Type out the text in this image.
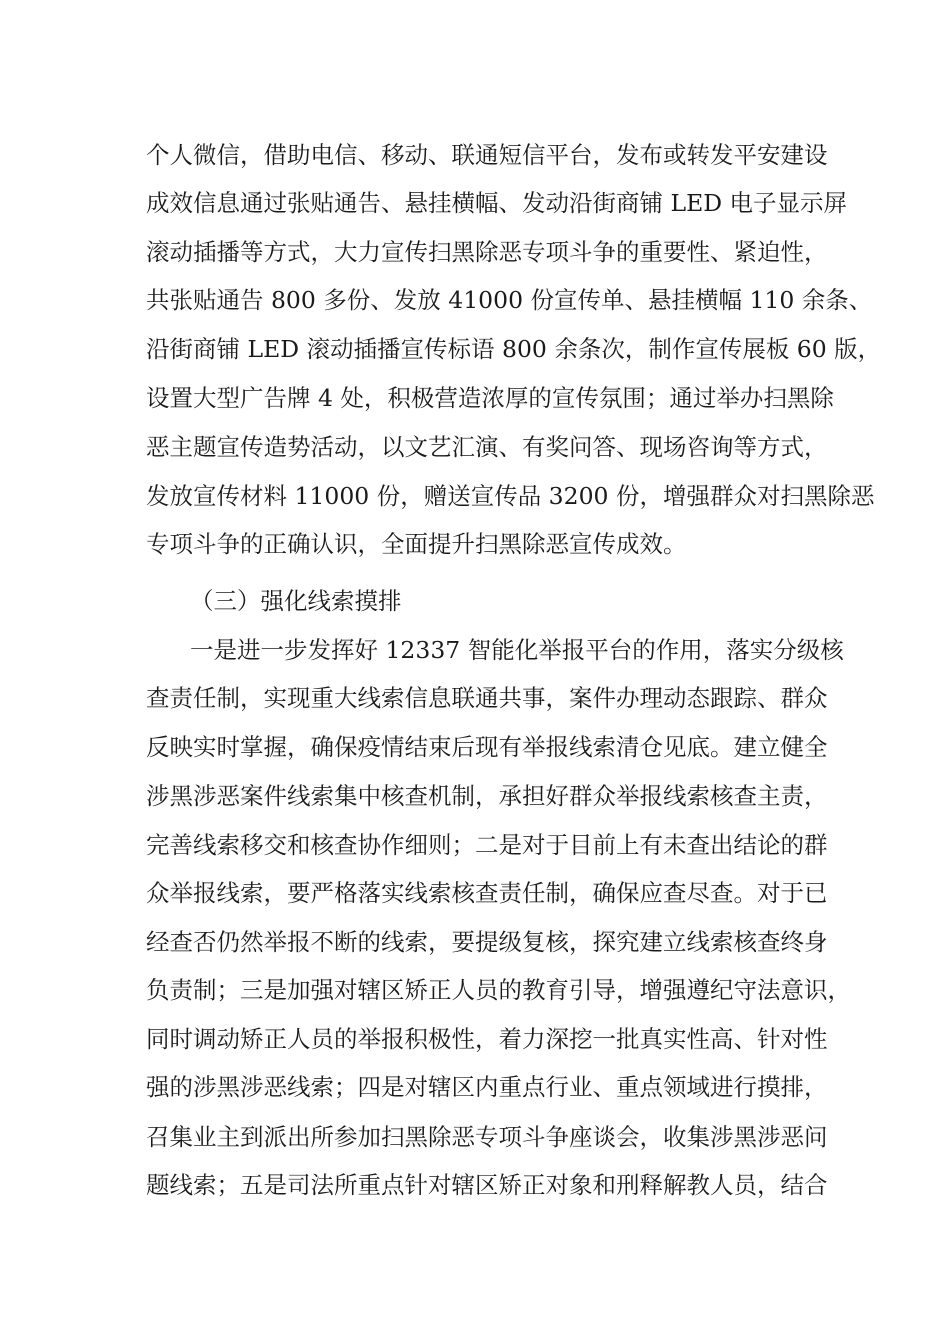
个人微信，借助电信、移动、联通短信平台，发布或转发平安建设
成效信息通过张贴通告、悬挂横幅、发动沿街商铺 LED 电子显示屏
滚动插播等方式，大力宣传扫黑除恶专项斗争的重要性、紧迫性，
共张贴通告 800 多份、发放 41000 份宣传单、悬挂横幅 110 余条、
沿街商铺 LED 滚动插播宣传标语 800 余条次，制作宣传展板 60 版，
设置大型广告牌 4 处，积极营造浓厚的宣传氛围；通过举办扫黑除
恶主题宣传造势活动，以文艺汇演、有奖问答、现场咨询等方式，
发放宣传材料 11000 份，赠送宣传品 3200 份，增强群众对扫黑除恶
专项斗争的正确认识，全面提升扫黑除恶宣传成效。
（三）强化线索摸排
一是进一步发挥好 12337 智能化举报平台的作用，落实分级核
查责任制，实现重大线索信息联通共事，案件办理动态跟踪、群众
反映实时掌握，确保疫情结束后现有举报线索清仓见底。建立健全
涉黑涉恶案件线索集中核查机制，承担好群众举报线索核查主责，
完善线索移交和核查协作细则；二是对于目前上有未查出结论的群
众举报线索，要严格落实线索核查责任制，确保应查尽查。对于已
经查否仍然举报不断的线索，要提级复核，探究建立线索核查终身
负责制；三是加强对辖区矫正人员的教育引导，增强遵纪守法意识，
同时调动矫正人员的举报积极性，着力深挖一批真实性高、针对性
强的涉黑涉恶线索；四是对辖区内重点行业、重点领域进行摸排，
召集业主到派出所参加扫黑除恶专项斗争座谈会，收集涉黑涉恶问
题线索；五是司法所重点针对辖区矫正对象和刑释解教人员，结合
